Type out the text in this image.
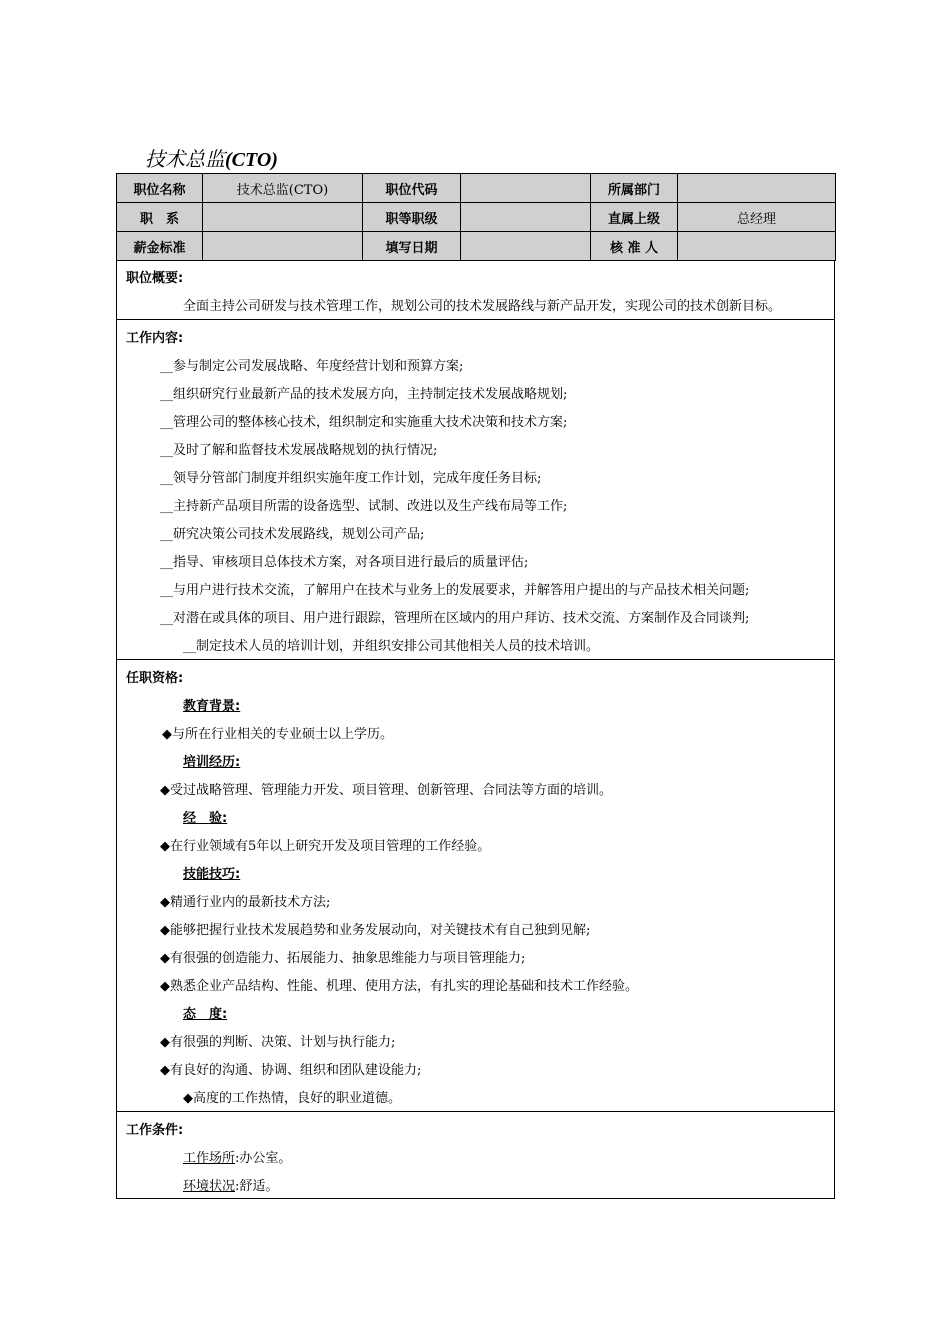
技术总监(CTO)
职位名称	技术总监(CTO)	职位代码		所属部门	
职　系		职等职级		直属上级	总经理
薪金标准		填写日期		核 准 人	
职位概要:
全面主持公司研发与技术管理工作，规划公司的技术发展路线与新产品开发，实现公司的技术创新目标。
工作内容:
__参与制定公司发展战略、年度经营计划和预算方案;
__组织研究行业最新产品的技术发展方向，主持制定技术发展战略规划;
__管理公司的整体核心技术，组织制定和实施重大技术决策和技术方案;
__及时了解和监督技术发展战略规划的执行情况;
__领导分管部门制度并组织实施年度工作计划，完成年度任务目标;
__主持新产品项目所需的设备选型、试制、改进以及生产线布局等工作;
__研究决策公司技术发展路线，规划公司产品;
__指导、审核项目总体技术方案，对各项目进行最后的质量评估;
__与用户进行技术交流，了解用户在技术与业务上的发展要求，并解答用户提出的与产品技术相关问题;
__对潜在或具体的项目、用户进行跟踪，管理所在区域内的用户拜访、技术交流、方案制作及合同谈判;
__制定技术人员的培训计划，并组织安排公司其他相关人员的技术培训。
任职资格:
教育背景:
◆与所在行业相关的专业硕士以上学历。
培训经历:
◆受过战略管理、管理能力开发、项目管理、创新管理、合同法等方面的培训。
经　验:
◆在行业领域有5年以上研究开发及项目管理的工作经验。
技能技巧:
◆精通行业内的最新技术方法;
◆能够把握行业技术发展趋势和业务发展动向，对关键技术有自己独到见解;
◆有很强的创造能力、拓展能力、抽象思维能力与项目管理能力;
◆熟悉企业产品结构、性能、机理、使用方法，有扎实的理论基础和技术工作经验。
态　度:
◆有很强的判断、决策、计划与执行能力;
◆有良好的沟通、协调、组织和团队建设能力;
◆高度的工作热情，良好的职业道德。
工作条件:
工作场所:办公室。
环境状况:舒适。
